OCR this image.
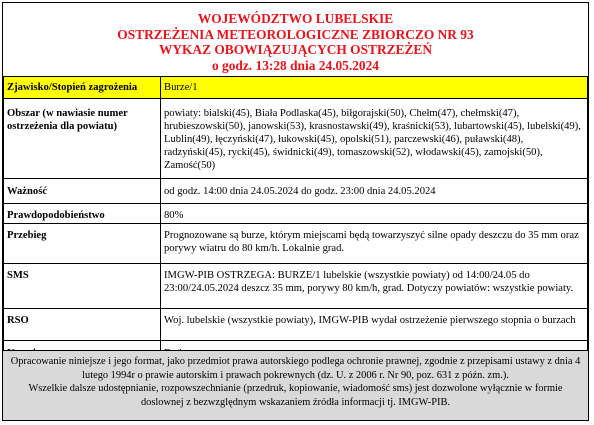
WOJEWÓDZTWO LUBELSKIE
OSTRZEŻENIA METEOROLOGICZNE ZBIORCZO NR 93
WYKAZ OBOWIĄZUJĄCYCH OSTRZEŻEŃ
o godz. 13:28 dnia 24.05.2024
Zjawisko/Stopień zagrożenia	Burze/1
Obszar (w nawiasie numer ostrzeżenia dla powiatu)	powiaty: bialski(45), Biała Podlaska(45), biłgorajski(50), Chełm(47), chełmski(47), hrubieszowski(50), janowski(53), krasnostawski(49), kraśnicki(53), lubartowski(45), lubelski(49), Lublin(49), łęczyński(47), łukowski(45), opolski(51), parczewski(46), puławski(48), radzyński(45), rycki(45), świdnicki(49), tomaszowski(52), włodawski(45), zamojski(50), Zamość(50)
Ważność	od godz. 14:00 dnia 24.05.2024 do godz. 23:00 dnia 24.05.2024
Prawdopodobieństwo	80%
Przebieg	Prognozowane są burze, którym miejscami będą towarzyszyć silne opady deszczu do 35 mm oraz porywy wiatru do 80 km/h. Lokalnie grad.
SMS	IMGW-PIB OSTRZEGA: BURZE/1 lubelskie (wszystkie powiaty) od 14:00/24.05 do 23:00/24.05.2024 deszcz 35 mm, porywy 80 km/h, grad. Dotyczy powiatów: wszystkie powiaty.
RSO	Woj. lubelskie (wszystkie powiaty), IMGW-PIB wydał ostrzeżenie pierwszego stopnia o burzach

Opracowanie niniejsze i jego format, jako przedmiot prawa autorskiego podlega ochronie prawnej, zgodnie z przepisami ustawy z dnia 4 lutego 1994r o prawie autorskim i prawach pokrewnych (dz. U. z 2006 r. Nr 90, poz. 631 z późn. zm.).

Wszelkie dalsze udostępnianie, rozpowszechnianie (przedruk, kopiowanie, wiadomość sms) jest dozwolone wyłącznie w formie doslownej z bezwzględnym wskazaniem źródła informacji tj. IMGW-PIB.
